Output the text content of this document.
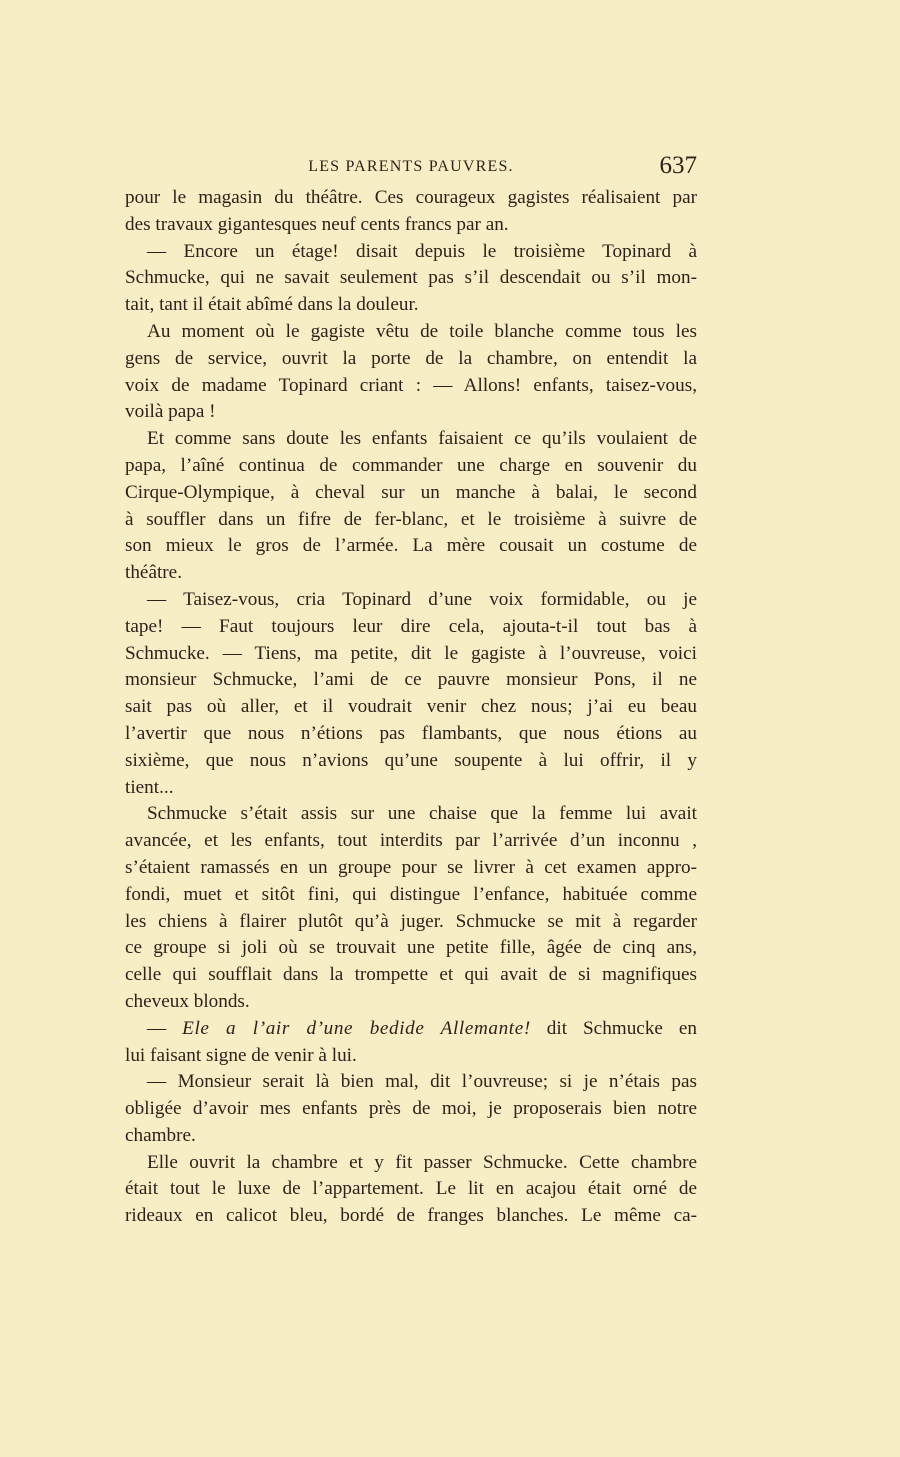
LES PARENTS PAUVRES.	637
pour le magasin du théâtre. Ces courageux gagistes réalisaient par
des travaux gigantesques neuf cents francs par an.
— Encore un étage! disait depuis le troisième Topinard à
Schmucke, qui ne savait seulement pas s’il descendait ou s’il mon-
tait, tant il était abîmé dans la douleur.
Au moment où le gagiste vêtu de toile blanche comme tous les
gens de service, ouvrit la porte de la chambre, on entendit la
voix de madame Topinard criant : — Allons! enfants, taisez-vous,
voilà papa !
Et comme sans doute les enfants faisaient ce qu’ils voulaient de
papa, l’aîné continua de commander une charge en souvenir du
Cirque-Olympique, à cheval sur un manche à balai, le second
à souffler dans un fifre de fer-blanc, et le troisième à suivre de
son mieux le gros de l’armée. La mère cousait un costume de
théâtre.
— Taisez-vous, cria Topinard d’une voix formidable, ou je
tape! — Faut toujours leur dire cela, ajouta-t-il tout bas à
Schmucke. — Tiens, ma petite, dit le gagiste à l’ouvreuse, voici
monsieur Schmucke, l’ami de ce pauvre monsieur Pons, il ne
sait pas où aller, et il voudrait venir chez nous; j’ai eu beau
l’avertir que nous n’étions pas flambants, que nous étions au
sixième, que nous n’avions qu’une soupente à lui offrir, il y
tient...
Schmucke s’était assis sur une chaise que la femme lui avait
avancée, et les enfants, tout interdits par l’arrivée d’un inconnu ,
s’étaient ramassés en un groupe pour se livrer à cet examen appro-
fondi, muet et sitôt fini, qui distingue l’enfance, habituée comme
les chiens à flairer plutôt qu’à juger. Schmucke se mit à regarder
ce groupe si joli où se trouvait une petite fille, âgée de cinq ans,
celle qui soufflait dans la trompette et qui avait de si magnifiques
cheveux blonds.
— Ele a l’air d’une bedide Allemante! dit Schmucke en
lui faisant signe de venir à lui.
— Monsieur serait là bien mal, dit l’ouvreuse; si je n’étais pas
obligée d’avoir mes enfants près de moi, je proposerais bien notre
chambre.
Elle ouvrit la chambre et y fit passer Schmucke. Cette chambre
était tout le luxe de l’appartement. Le lit en acajou était orné de
rideaux en calicot bleu, bordé de franges blanches. Le même ca-
